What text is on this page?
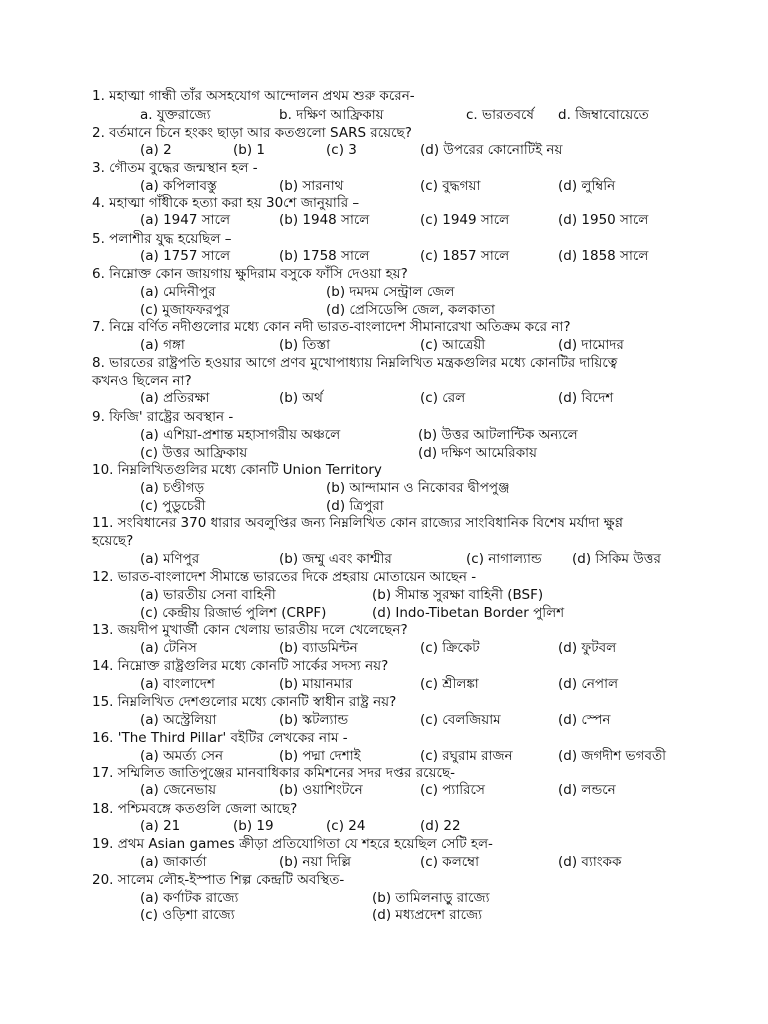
1. মহাত্মা গান্ধী তাঁর অসহযোগ আন্দোলন প্রথম শুরু করেন-
a. যুক্তরাজ্যে	b. দক্ষিণ আফ্রিকায়	c. ভারতবর্ষে d. জিম্বাবোয়েতে
2. বর্তমানে চিনে হংকং ছাড়া আর কতগুলো SARS রয়েছে?
(a) 2	(b) 1	(c) 3	(d) উপরের কোনোটিই নয়
3. গৌতম বুদ্ধের জন্মস্থান হল -
(a) কপিলাবস্তু	(b) সারনাথ	(c) বুদ্ধগয়া	(d) লুম্বিনি
4. মহাত্মা গাঁধীকে হত্যা করা হয় 30শে জানুয়ারি –
(a) 1947 সালে	(b) 1948 সালে	(c) 1949 সালে	(d) 1950 সালে
5. পলাশীর যুদ্ধ হয়েছিল –
(a) 1757 সালে	(b) 1758 সালে	(c) 1857 সালে	(d) 1858 সালে
6. নিম্নোক্ত কোন জায়গায় ক্ষুদিরাম বসুকে ফাঁসি দেওয়া হয়?
(a) মেদিনীপুর	(b) দমদম সেন্ট্রাল জেল
(c) মুজাফফরপুর	(d) প্রেসিডেন্সি জেল, কলকাতা
7. নিম্নে বর্ণিত নদীগুলোর মধ্যে কোন নদী ভারত-বাংলাদেশ সীমানারেখা অতিক্রম করে না?
(a) গঙ্গা	(b) তিস্তা	(c) আত্রেয়ী	(d) দামোদর
8. ভারতের রাষ্ট্রপতি হওয়ার আগে প্রণব মুখোপাধ্যায় নিম্নলিখিত মন্ত্রকগুলির মধ্যে কোনটির দায়িত্বে
কখনও ছিলেন না?
(a) প্রতিরক্ষা	(b) অর্থ	(c) রেল	(d) বিদেশ
9. ফিজি' রাষ্ট্রের অবস্থান -
(a) এশিয়া-প্রশান্ত মহাসাগরীয় অঞ্চলে	(b) উত্তর আটলান্টিক অন্যলে
(c) উত্তর আফ্রিকায়	(d) দক্ষিণ আমেরিকায়
10. নিম্নলিখিতগুলির মধ্যে কোনটি Union Territory
(a) চণ্ডীগড়	(b) আন্দামান ও নিকোবর দ্বীপপুঞ্জ
(c) পুডুচেরী	(d) ত্রিপুরা
11. সংবিধানের 370 ধারার অবলুপ্তির জন্য নিম্নলিখিত কোন রাজ্যের সাংবিধানিক বিশেষ মর্যাদা ক্ষুণ্ণ
হয়েছে?
(a) মণিপুর	(b) জম্মু এবং কাশ্মীর	(c) নাগাল্যান্ড (d) সিকিম উত্তর
12. ভারত-বাংলাদেশ সীমান্তে ভারতের দিকে প্রহরায় মোতায়েন আছেন -
(a) ভারতীয় সেনা বাহিনী	(b) সীমান্ত সুরক্ষা বাহিনী (BSF)
(c) কেন্দ্রীয় রিজার্ভ পুলিশ (CRPF)	(d) Indo-Tibetan Border পুলিশ
13. জয়দীপ মুখার্জী কোন খেলায় ভারতীয় দলে খেলেছেন?
(a) টেনিস	(b) ব্যাডমিন্টন	(c) ক্রিকেট	(d) ফুটবল
14. নিম্নোক্ত রাষ্ট্রগুলির মধ্যে কোনটি সার্কের সদস্য নয়?
(a) বাংলাদেশ	(b) মায়ানমার	(c) শ্রীলঙ্কা	(d) নেপাল
15. নিম্নলিখিত দেশগুলোর মধ্যে কোনটি স্বাধীন রাষ্ট্র নয়?
(a) অস্ট্রেলিয়া	(b) স্কটল্যান্ড	(c) বেলজিয়াম	(d) স্পেন
16. 'The Third Pillar' বইটির লেখকের নাম -
(a) অমর্ত্য সেন	(b) পদ্মা দেশাই	(c) রঘুরাম রাজন	(d) জগদীশ ভগবতী
17. সম্মিলিত জাতিপুঞ্জের মানবাধিকার কমিশনের সদর দপ্তর রয়েছে-
(a) জেনেভায়	(b) ওয়াশিংটনে	(c) প্যারিসে	(d) লন্ডনে
18. পশ্চিমবঙ্গে কতগুলি জেলা আছে?
(a) 21	(b) 19	(c) 24	(d) 22
19. প্রথম Asian games ক্রীড়া প্রতিযোগিতা যে শহরে হয়েছিল সেটি হল-
(a) জাকার্তা	(b) নয়া দিল্লি	(c) কলম্বো	(d) ব্যাংকক
20. সালেম লৌহ-ইস্পাত শিল্প কেন্দ্রটি অবস্থিত-
(a) কর্ণাটক রাজ্যে	(b) তামিলনাড়ু রাজ্যে
(c) ওড়িশা রাজ্যে	(d) মধ্যপ্রদেশ রাজ্যে
